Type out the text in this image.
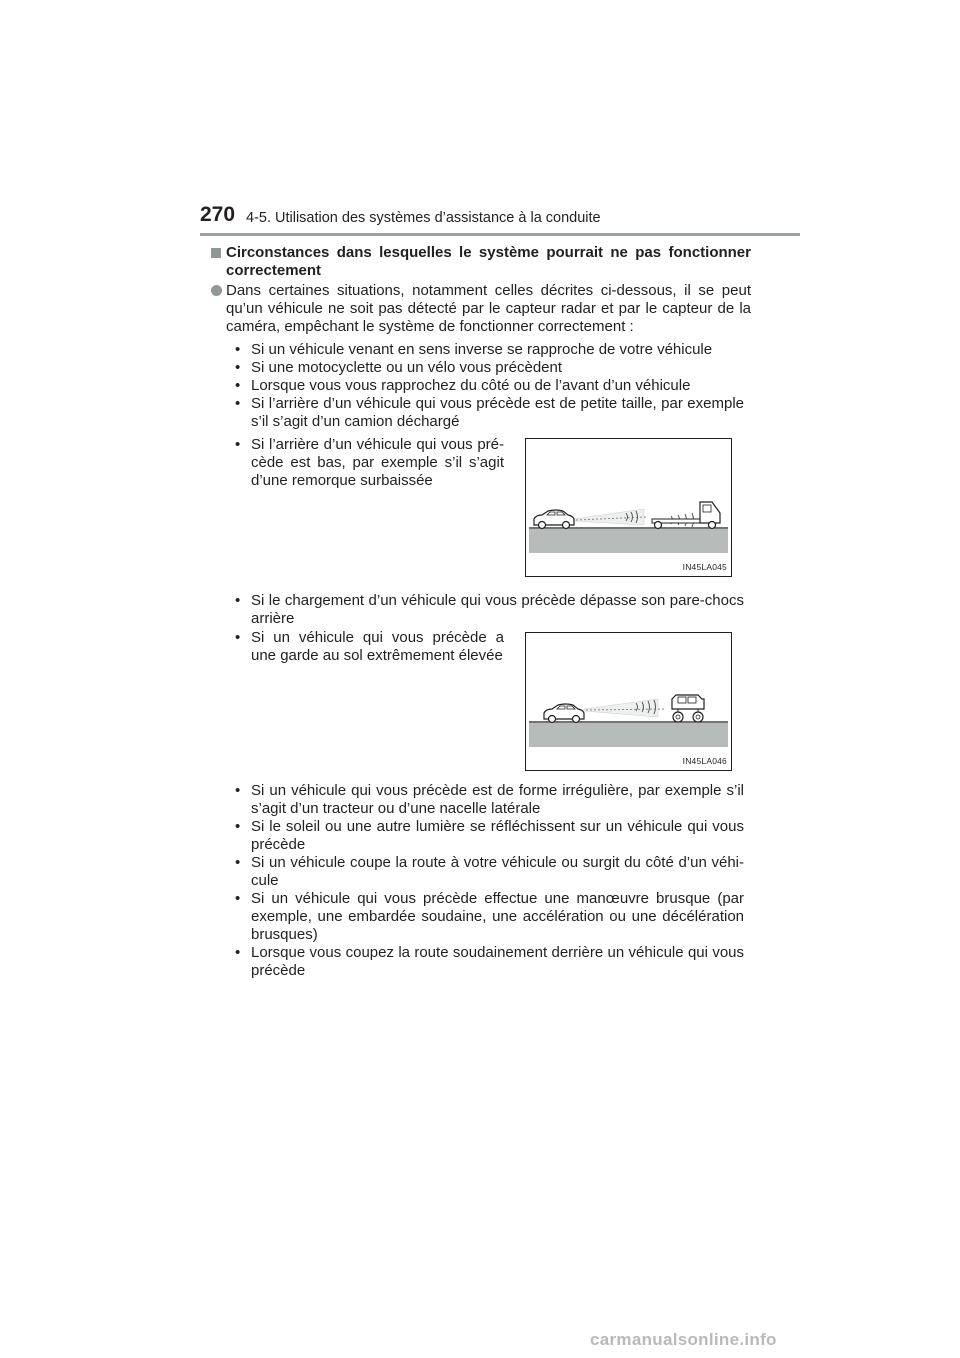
270 4-5. Utilisation des systèmes d’assistance à la conduite
Circonstances dans lesquelles le système pourrait ne pas fonctionner correctement
Dans certaines situations, notamment celles décrites ci-dessous, il se peut qu’un véhicule ne soit pas détecté par le capteur radar et par le capteur de la caméra, empêchant le système de fonctionner correctement :
• Si un véhicule venant en sens inverse se rapproche de votre véhicule
• Si une motocyclette ou un vélo vous précèdent
• Lorsque vous vous rapprochez du côté ou de l’avant d’un véhicule
• Si l’arrière d’un véhicule qui vous précède est de petite taille, par exemple s’il s’agit d’un camion déchargé
• Si l’arrière d’un véhicule qui vous pré-cède est bas, par exemple s’il s’agit d’une remorque surbaissée
IN45LA045
• Si le chargement d’un véhicule qui vous précède dépasse son pare-chocs arrière
• Si un véhicule qui vous précède a une garde au sol extrêmement élevée
IN45LA046
• Si un véhicule qui vous précède est de forme irrégulière, par exemple s’il s’agit d’un tracteur ou d’une nacelle latérale
• Si le soleil ou une autre lumière se réfléchissent sur un véhicule qui vous précède
• Si un véhicule coupe la route à votre véhicule ou surgit du côté d’un véhi-cule
• Si un véhicule qui vous précède effectue une manœuvre brusque (par exemple, une embardée soudaine, une accélération ou une décélération brusques)
• Lorsque vous coupez la route soudainement derrière un véhicule qui vous précède
carmanualsonline.info
